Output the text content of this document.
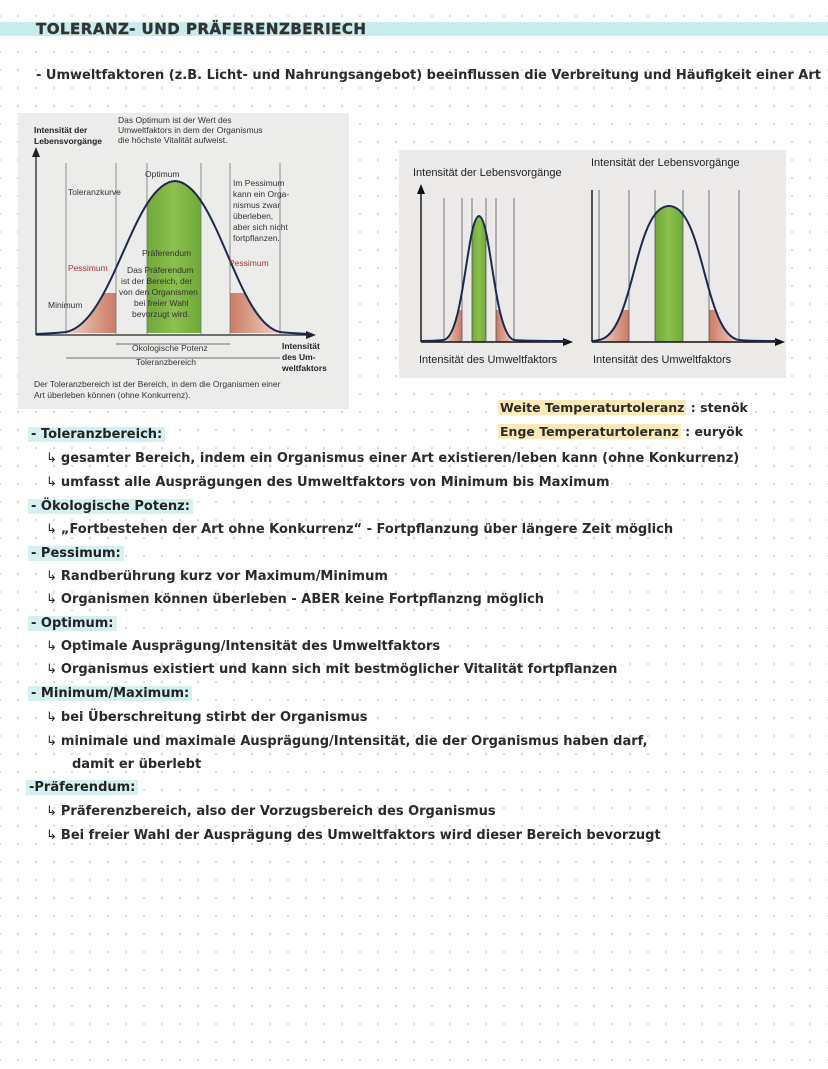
TOLERANZ- UND PRÄFERENZBERIECH
- Umweltfaktoren (z.B. Licht- und Nahrungsangebot) beeinflussen die Verbreitung und Häufigkeit einer Art
Intensität der
Lebensvorgänge
Das Optimum ist der Wert des
Umweltfaktors in dem der Organismus
die höchste Vitalität aufweist.
Optimum
Toleranzkurve
Im Pessimum
kann ein Orga-
nismus zwar
überleben,
aber sich nicht
fortpflanzen.
Präferendum
Das Präferendum
ist der Bereich, der
von den Organismen
bei freier Wahl
bevorzugt wird.
Pessimum	Pessimum
Minimum
Intensität
des Um-
weltfaktors
Ökologische Potenz
Toleranzbereich
Der Toleranzbereich ist der Bereich, in dem die Organismen einer
Art überleben können (ohne Konkurrenz).
Intensität der Lebensvorgänge
Intensität der Lebensvorgänge
Intensität des Umweltfaktors	Intensität des Umweltfaktors
Weite Temperaturtoleranz : stenök
Enge Temperaturtoleranz : euryök
- Toleranzbereich:
↳ gesamter Bereich, indem ein Organismus einer Art existieren/leben kann (ohne Konkurrenz)
↳ umfasst alle Ausprägungen des Umweltfaktors von Minimum bis Maximum
- Ökologische Potenz:
↳ „Fortbestehen der Art ohne Konkurrenz“ - Fortpflanzung über längere Zeit möglich
- Pessimum:
↳ Randberührung kurz vor Maximum/Minimum
↳ Organismen können überleben - ABER keine Fortpflanzng möglich
- Optimum:
↳ Optimale Ausprägung/Intensität des Umweltfaktors
↳ Organismus existiert und kann sich mit bestmöglicher Vitalität fortpflanzen
- Minimum/Maximum:
↳ bei Überschreitung stirbt der Organismus
↳ minimale und maximale Ausprägung/Intensität, die der Organismus haben darf,
damit er überlebt
-Präferendum:
↳ Präferenzbereich, also der Vorzugsbereich des Organismus
↳ Bei freier Wahl der Ausprägung des Umweltfaktors wird dieser Bereich bevorzugt
